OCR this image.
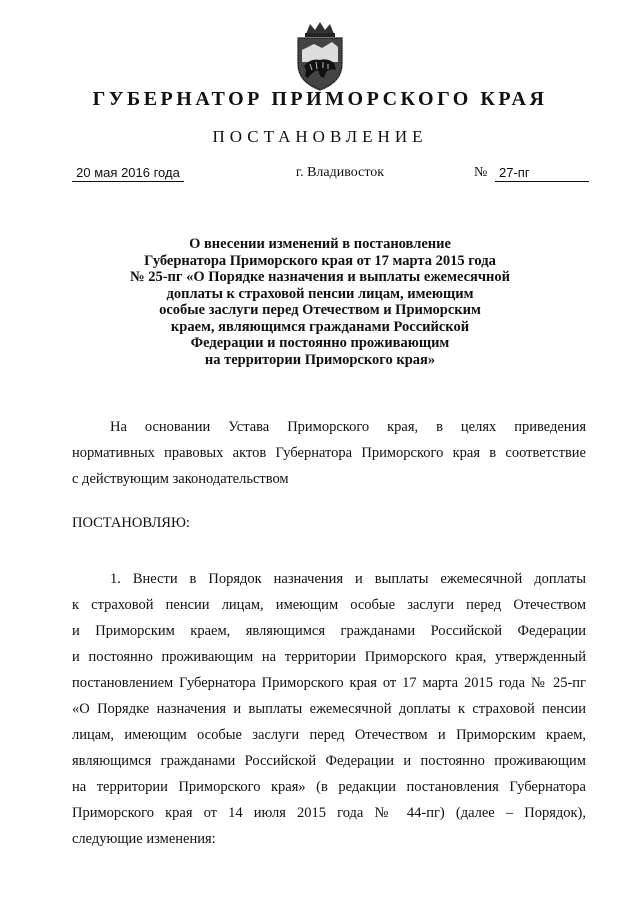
ГУБЕРНАТОР ПРИМОРСКОГО КРАЯ
ПОСТАНОВЛЕНИЕ
20 мая 2016 года	г. Владивосток	№ 27-пг
О внесении изменений в постановление
Губернатора Приморского края от 17 марта 2015 года
№ 25-пг «О Порядке назначения и выплаты ежемесячной
доплаты к страховой пенсии лицам, имеющим
особые заслуги перед Отечеством и Приморским
краем, являющимся гражданами Российской
Федерации и постоянно проживающим
на территории Приморского края»
На основании Устава Приморского края, в целях приведения
нормативных правовых актов Губернатора Приморского края в соответствие
с действующим законодательством
ПОСТАНОВЛЯЮ:
1. Внести в Порядок назначения и выплаты ежемесячной доплаты
к страховой пенсии лицам, имеющим особые заслуги перед Отечеством
и Приморским краем, являющимся гражданами Российской Федерации
и постоянно проживающим на территории Приморского края, утвержденный
постановлением Губернатора Приморского края от 17 марта 2015 года № 25-пг
«О Порядке назначения и выплаты ежемесячной доплаты к страховой пенсии
лицам, имеющим особые заслуги перед Отечеством и Приморским краем,
являющимся гражданами Российской Федерации и постоянно проживающим
на территории Приморского края» (в редакции постановления Губернатора
Приморского края от 14 июля 2015 года № 44-пг) (далее – Порядок),
следующие изменения:
